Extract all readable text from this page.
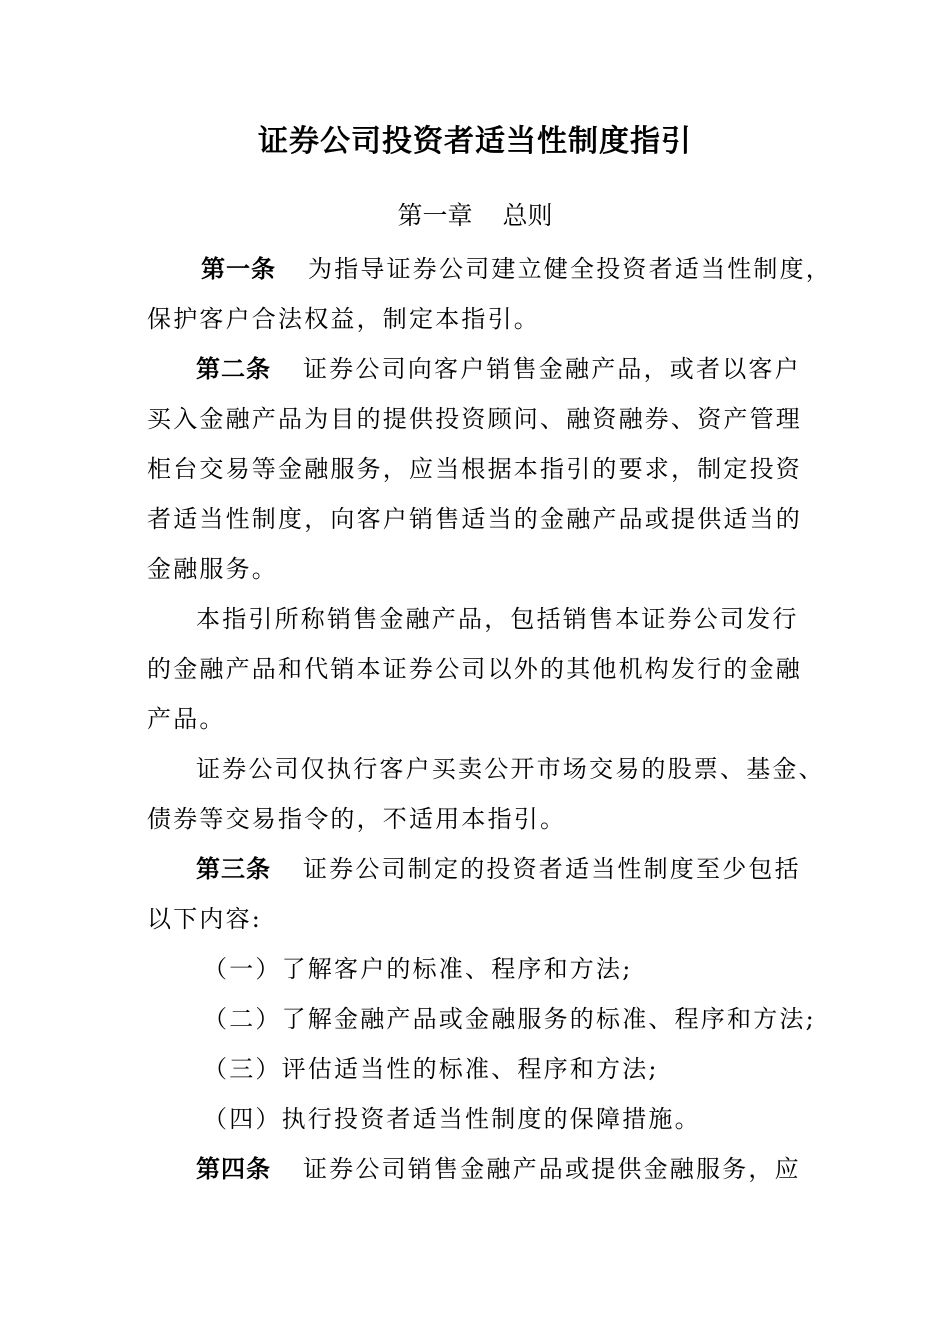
证券公司投资者适当性制度指引
第一章 总则
第一条 为指导证券公司建立健全投资者适当性制度，
保护客户合法权益，制定本指引。
第二条 证券公司向客户销售金融产品，或者以客户
买入金融产品为目的提供投资顾问、融资融券、资产管理
柜台交易等金融服务，应当根据本指引的要求，制定投资
者适当性制度，向客户销售适当的金融产品或提供适当的
金融服务。
本指引所称销售金融产品，包括销售本证券公司发行
的金融产品和代销本证券公司以外的其他机构发行的金融
产品。
证券公司仅执行客户买卖公开市场交易的股票、基金、
债券等交易指令的，不适用本指引。
第三条 证券公司制定的投资者适当性制度至少包括
以下内容:
（一）了解客户的标准、程序和方法;
（二）了解金融产品或金融服务的标准、程序和方法;
（三）评估适当性的标准、程序和方法;
（四）执行投资者适当性制度的保障措施。
第四条 证券公司销售金融产品或提供金融服务，应
